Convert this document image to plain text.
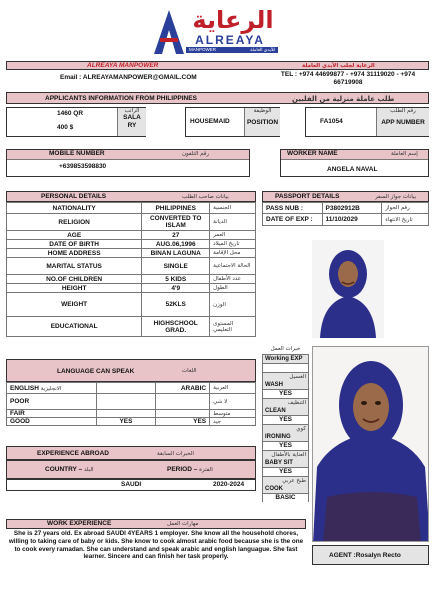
الرعاية
ALREAYA
MANPOWER	للأيدي العاملة
ALREAYA MANPOWER	الرعاية لجلب الأيدي العاملة
Email : ALREAYAMANPOWER@GMAIL.COM	TEL : +974 44699877 - +974 31119020 - +974 66719908
APPLICANTS INFORMATION FROM PHILIPPINES	طلب عاملة منزلية من الفلبين
1460 QR
400 $
الراتب
SALA RY
HOUSEMAID
الوظيفة
POSITION	FA1054
رقم الطلب
APP NUMBER
MOBILE NUMBER	رقم التلفون
+639853598830
WORKER NAME	إسم العاملة
ANGELA NAVAL
PERSONAL DETAILS	بيانات صاحب الطلب
NATIONALITY	PHILIPPINES	الجنسية
RELIGION	CONVERTED TO ISLAM	الديانة
AGE	27	العمر
DATE OF BIRTH	AUG.06,1996	تاريخ الميلاد
HOME ADDRESS	BINAN LAGUNA	محل الإقامة
MARITAL STATUS	SINGLE	الحالة الاجتماعية
NO.OF CHILDREN	5 KIDS	عدد الأطفال
HEIGHT	4'9	الطول
WEIGHT	52KLS	الوزن
EDUCATIONAL	HIGHSCHOOL GRAD.	المستوى التعليمي
PASSPORT DETAILS	بيانات جواز السفر
PASS NUB :	P3802912B	رقم الجواز
DATE OF EXP :	11/10/2029	تاريخ الانتهاء
LANGUAGE CAN SPEAK	اللغات
ENGLISH الانجليزية		ARABIC	العربية
POOR			لا شي
FAIR			متوسط
GOOD	YES	YES	جيد
EXPERIENCE ABROAD	الخبرات السابقة
COUNTRY – البلد	PERIOD – الفترة
SAUDI	2020-2024
خبرات العمل
Working EXP
الغسيل
WASH
YES
التنظيف
CLEAN
YES
كوي
IRONING
YES
العناية بالأطفال
BABY SIT
YES
طبخ عربي
COOK
BASIC
WORK EXPERIENCE	مهارات العمل
She is 27 years old. Ex abroad SAUDI 4YEARS 1 employer. She know all the household chores, willing to taking care of baby or kids. She know to cook almost arabic food because she is the one to cook every ramadan. She can understand and speak arabic and english languague. She fast learner. Sincere and can finish her task properly.	AGENT :Rosalyn Recto
